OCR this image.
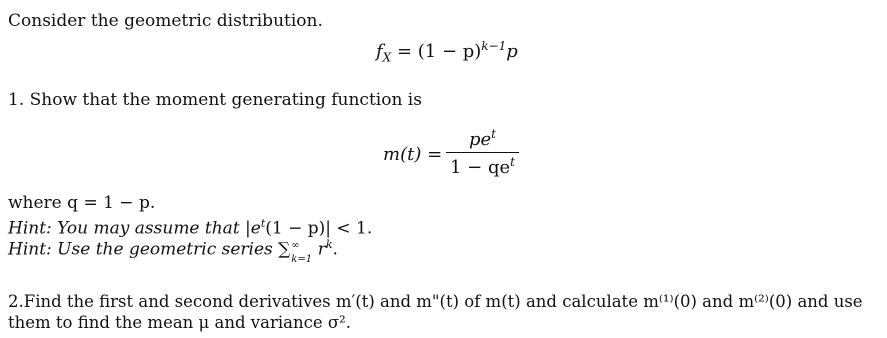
Consider the geometric distribution.
$f_X = (1 - p)^{k-1}p$
1. Show that the moment generating function is
m(t) =
$pe^t$
$1 - qe^t$
where q = 1 − p.
Hint: You may assume that $|e^t(1 - p)| < 1$.
Hint: Use the geometric series ∑ ∞
k=1 $r^k$.
2.Find the first and second derivatives m′(t) and m"(t) of m(t) and calculate m⁽¹⁾(0) and m⁽²⁾(0) and use
them to find the mean μ and variance σ².
